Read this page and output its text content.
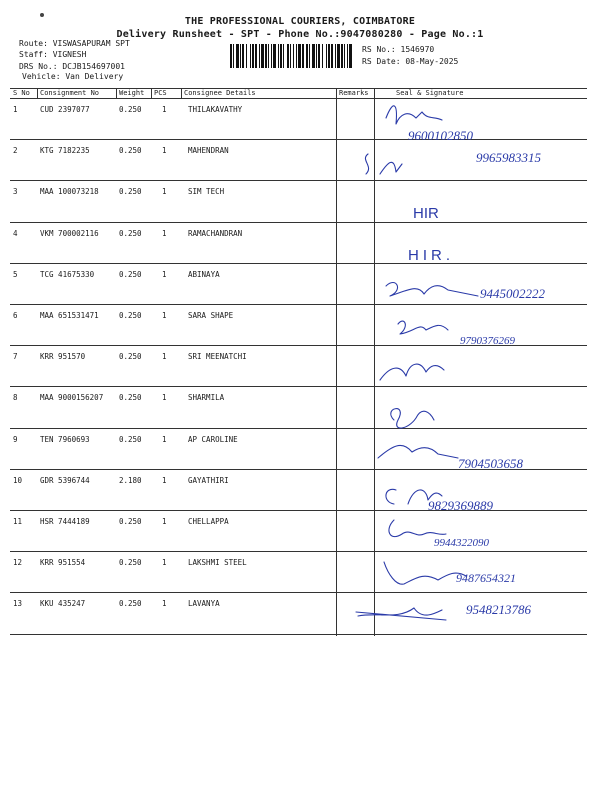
THE PROFESSIONAL COURIERS, COIMBATORE
Delivery Runsheet - SPT - Phone No.:9047080280 - Page No.:1
Route: VISWASAPURAM SPT
Staff: VIGNESH
DRS No.: DCJB154697001
Vehicle: Van Delivery
RS No.: 1546970
RS Date: 08-May-2025
S No Consignment No	Weight PCS Consignee Details	Remarks	Seal & Signature
1	CUD 2397077	0.250	1	THILAKAVATHY
2	KTG 7182235	0.250	1	MAHENDRAN
3	MAA 100073218	0.250	1	SIM TECH
4	VKM 700002116	0.250	1	RAMACHANDRAN
5	TCG 41675330	0.250	1	ABINAYA
6	MAA 651531471	0.250	1	SARA SHAPE
7	KRR 951570	0.250	1	SRI MEENATCHI
8	MAA 9000156207 0.250	1	SHARMILA
9	TEN 7960693	0.250	1	AP CAROLINE
10 GDR 5396744	2.180	1	GAYATHIRI
11 HSR 7444189	0.250	1	CHELLAPPA
12 KRR 951554	0.250	1	LAKSHMI STEEL
13 KKU 435247	0.250	1	LAVANYA
9600102850
9965983315
HIR
HIR.
9445002222
9790376269
7904503658
9829369889
9944322090
9487654321
9548213786
